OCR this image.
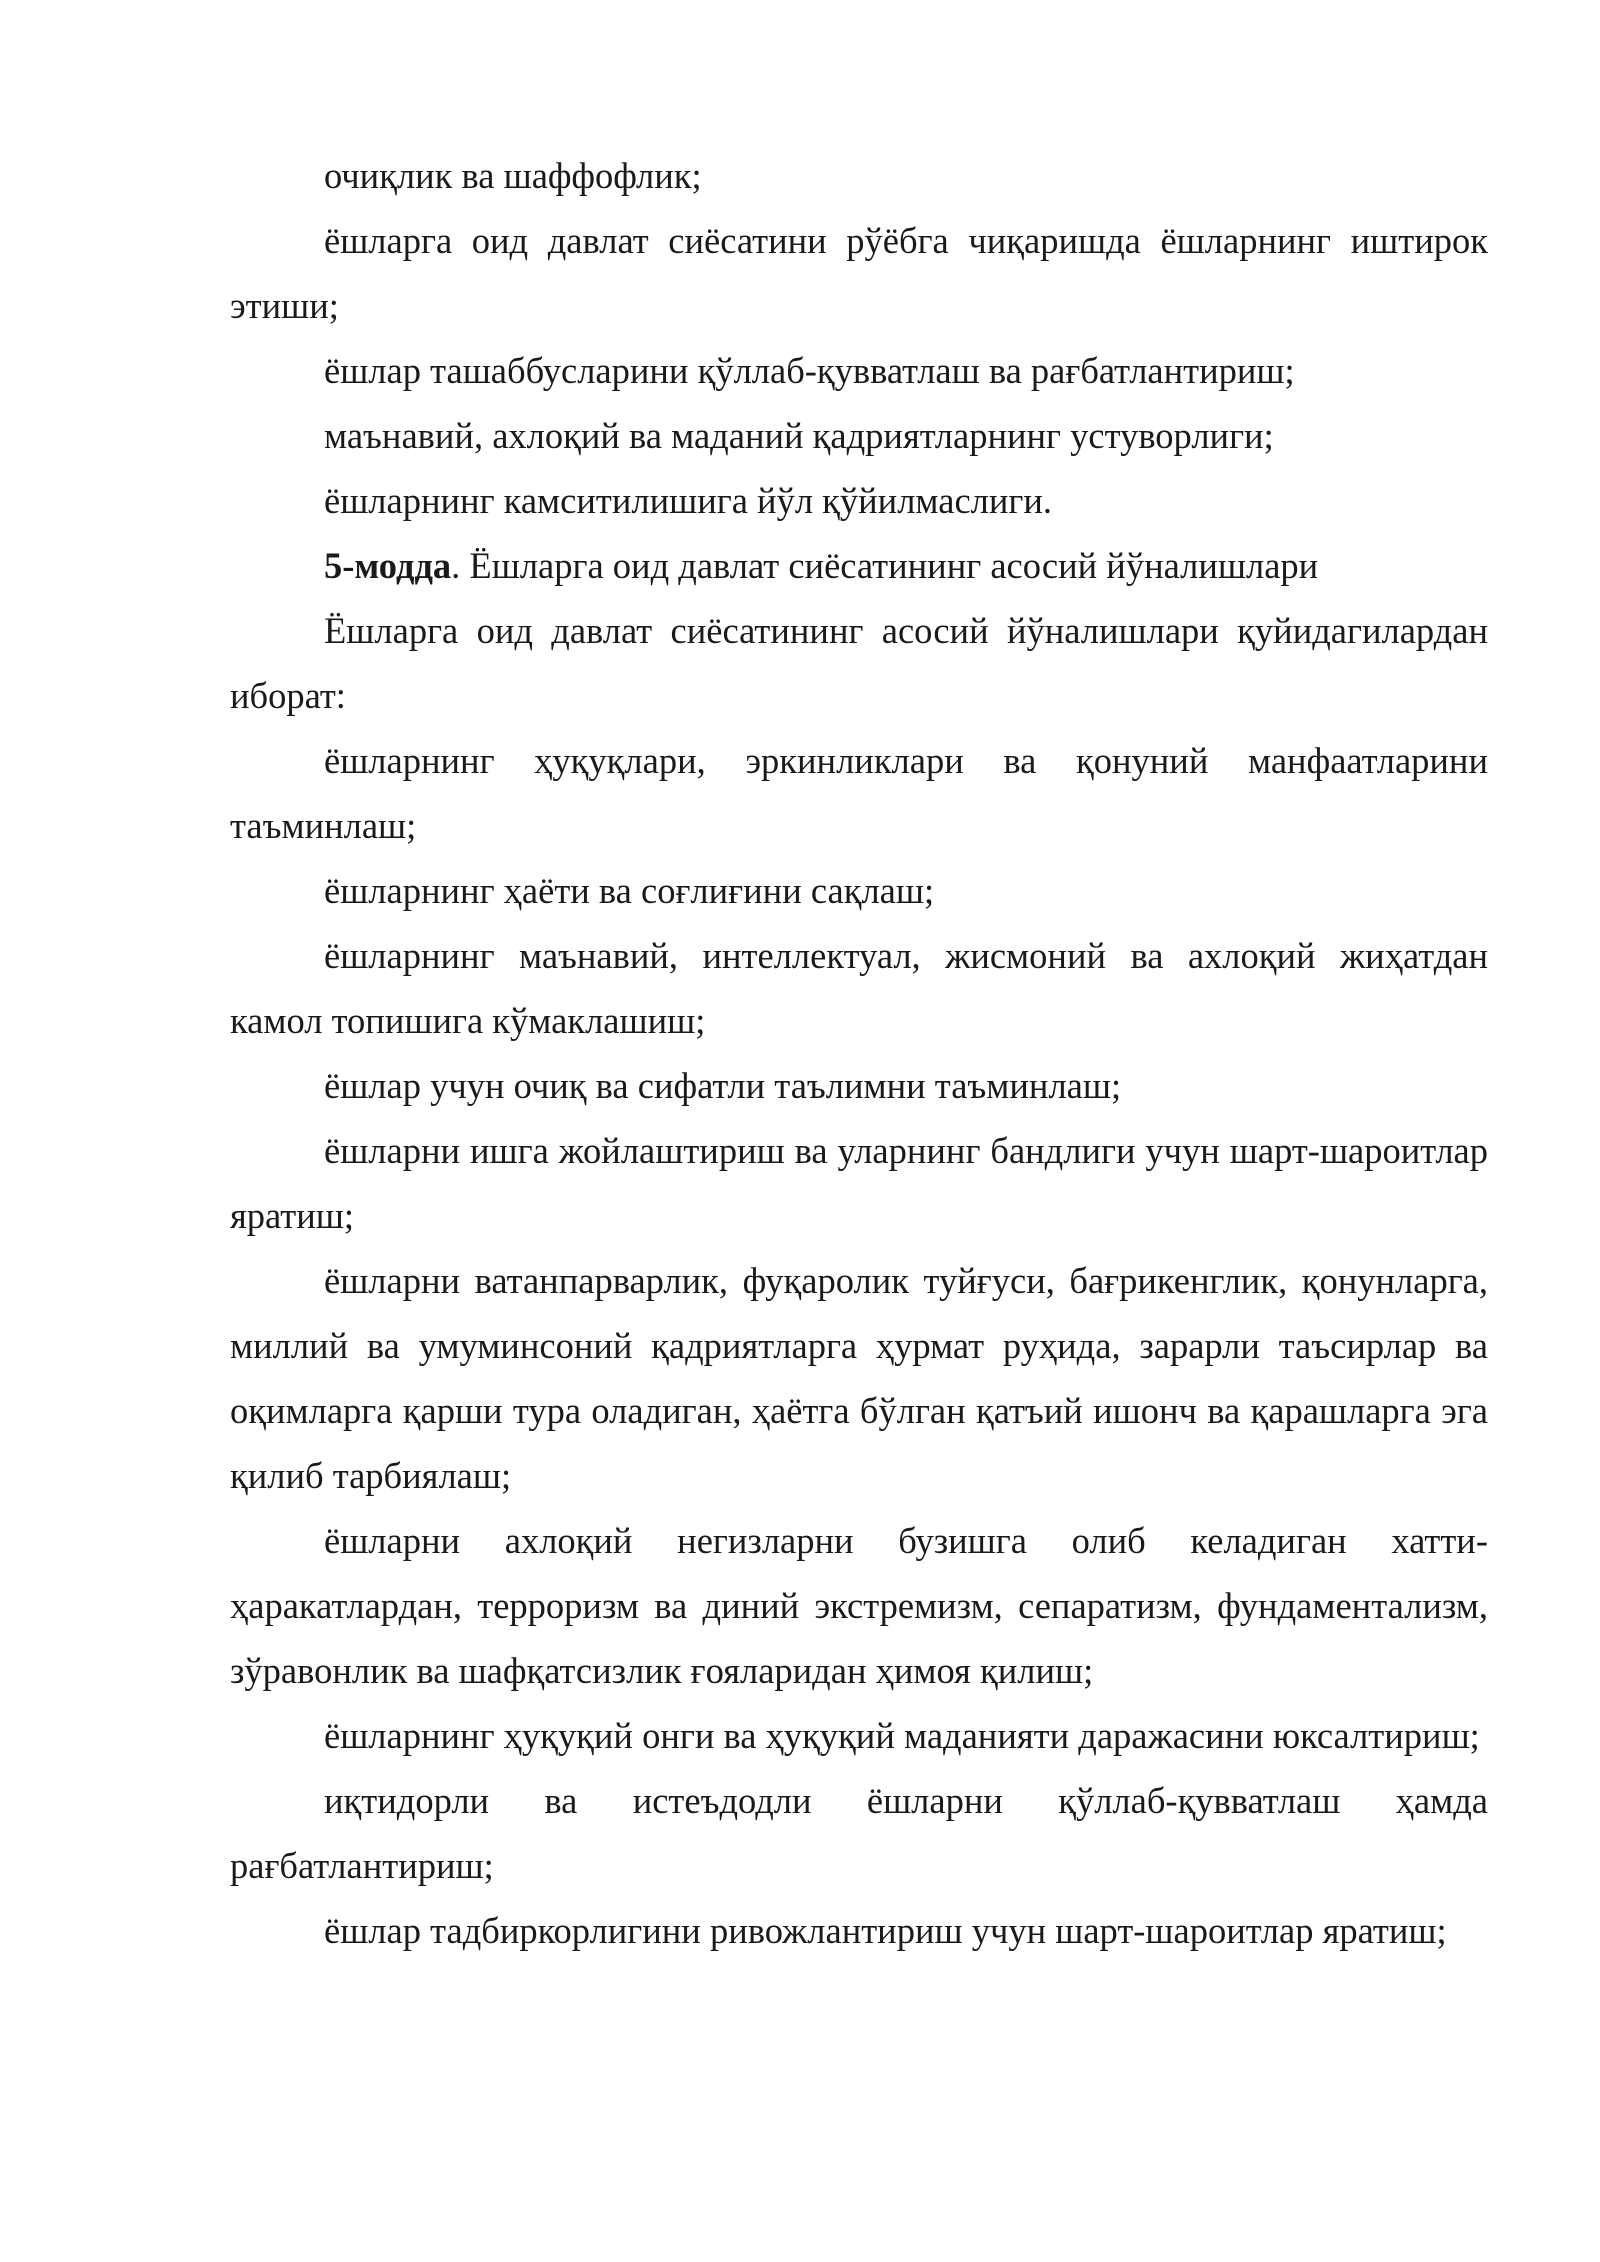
очиқлик ва шаффофлик;

ёшларга оид давлат сиёсатини рўёбга чиқаришда ёшларнинг иштирок этиши;

ёшлар ташаббусларини қўллаб-қувватлаш ва рағбатлантириш;

маънавий, ахлоқий ва маданий қадриятларнинг устуворлиги;

ёшларнинг камситилишига йўл қўйилмаслиги.

5-модда. Ёшларга оид давлат сиёсатининг асосий йўналишлари

Ёшларга оид давлат сиёсатининг асосий йўналишлари қуйидагилардан иборат:

ёшларнинг ҳуқуқлари, эркинликлари ва қонуний манфаатларини таъминлаш;

ёшларнинг ҳаёти ва соғлиғини сақлаш;

ёшларнинг маънавий, интеллектуал, жисмоний ва ахлоқий жиҳатдан камол топишига кўмаклашиш;

ёшлар учун очиқ ва сифатли таълимни таъминлаш;

ёшларни ишга жойлаштириш ва уларнинг бандлиги учун шарт-шароитлар яратиш;

ёшларни ватанпарварлик, фуқаролик туйғуси, бағрикенглик, қонунларга, миллий ва умуминсоний қадриятларга ҳурмат руҳида, зарарли таъсирлар ва оқимларга қарши тура оладиган, ҳаётга бўлган қатъий ишонч ва қарашларга эга қилиб тарбиялаш;

ёшларни ахлоқий негизларни бузишга олиб келадиган хатти-ҳаракатлардан, терроризм ва диний экстремизм, сепаратизм, фундаментализм, зўравонлик ва шафқатсизлик ғояларидан ҳимоя қилиш;

ёшларнинг ҳуқуқий онги ва ҳуқуқий маданияти даражасини юксалтириш;

иқтидорли ва истеъдодли ёшларни қўллаб-қувватлаш ҳамда рағбатлантириш;

ёшлар тадбиркорлигини ривожлантириш учун шарт-шароитлар яратиш;
